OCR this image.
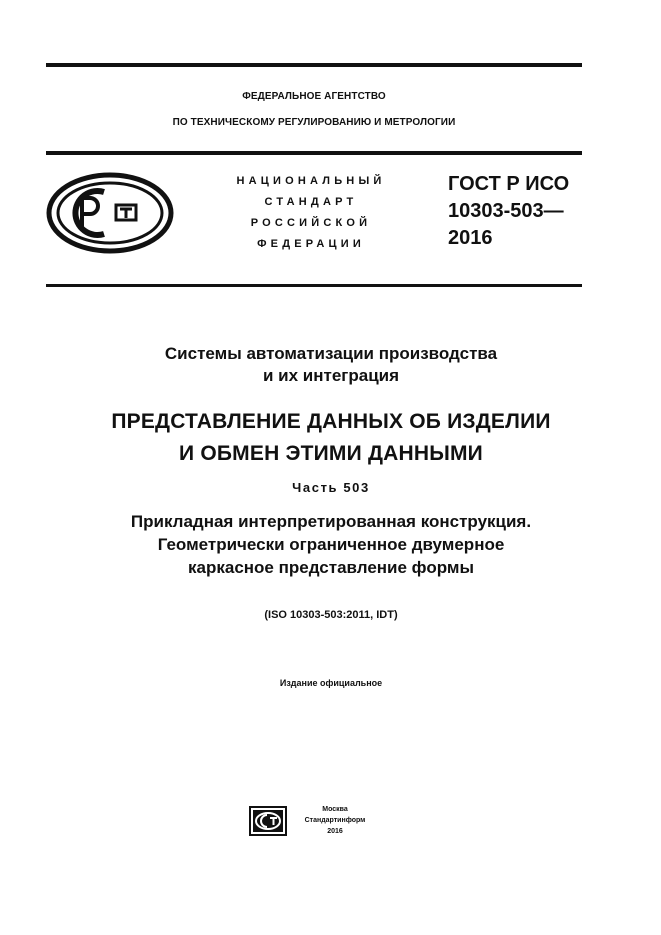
ФЕДЕРАЛЬНОЕ АГЕНТСТВО
ПО ТЕХНИЧЕСКОМУ РЕГУЛИРОВАНИЮ И МЕТРОЛОГИИ
НАЦИОНАЛЬНЫЙ
СТАНДАРТ
РОССИЙСКОЙ
ФЕДЕРАЦИИ
ГОСТ Р ИСО
10303-503—
2016
Системы автоматизации производства
и их интеграция
ПРЕДСТАВЛЕНИЕ ДАННЫХ ОБ ИЗДЕЛИИ
И ОБМЕН ЭТИМИ ДАННЫМИ
Часть 503
Прикладная интерпретированная конструкция.
Геометрически ограниченное двумерное
каркасное представление формы
(ISO 10303-503:2011, IDT)
Издание официальное
Москва
Стандартинформ
2016
